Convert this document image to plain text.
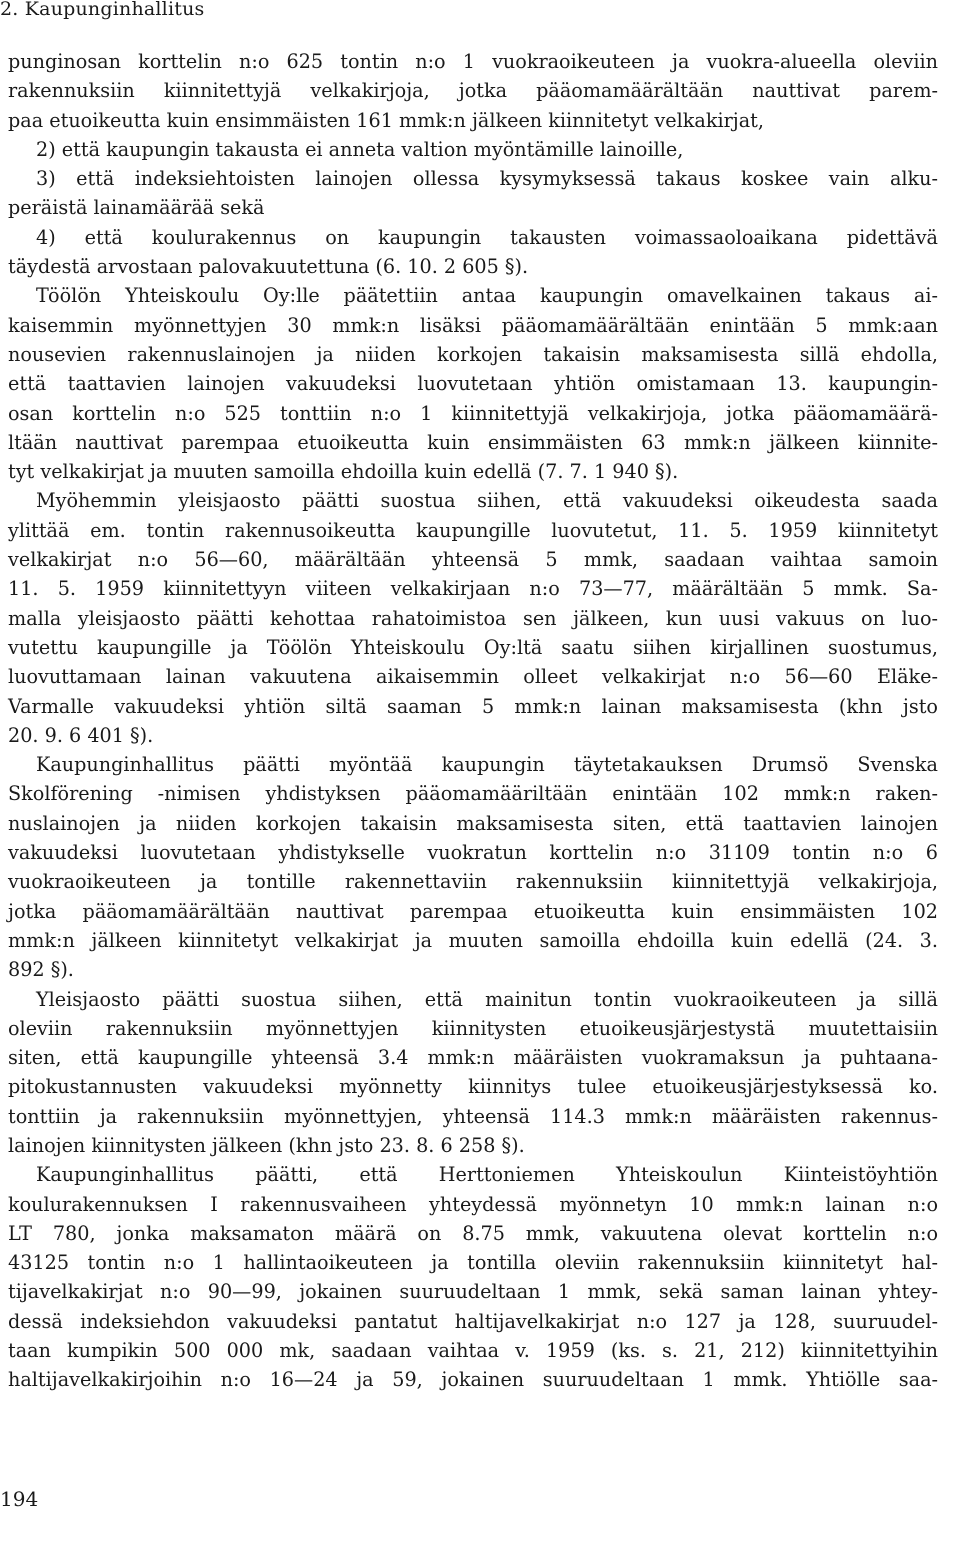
2. Kaupunginhallitus
punginosan korttelin n:o 625 tontin n:o 1 vuokraoikeuteen ja vuokra-alueella oleviin
rakennuksiin kiinnitettyjä velkakirjoja, jotka pääomamäärältään nauttivat parem-
paa etuoikeutta kuin ensimmäisten 161 mmk:n jälkeen kiinnitetyt velkakirjat,
2) että kaupungin takausta ei anneta valtion myöntämille lainoille,
3) että indeksiehtoisten lainojen ollessa kysymyksessä takaus koskee vain alku-
peräistä lainamäärää sekä
4) että koulurakennus on kaupungin takausten voimassaoloaikana pidettävä
täydestä arvostaan palovakuutettuna (6. 10. 2 605 §).
Töölön Yhteiskoulu Oy:lle päätettiin antaa kaupungin omavelkainen takaus ai-
kaisemmin myönnettyjen 30 mmk:n lisäksi pääomamäärältään enintään 5 mmk:aan
nousevien rakennuslainojen ja niiden korkojen takaisin maksamisesta sillä ehdolla,
että taattavien lainojen vakuudeksi luovutetaan yhtiön omistamaan 13. kaupungin-
osan korttelin n:o 525 tonttiin n:o 1 kiinnitettyjä velkakirjoja, jotka pääomamäärä-
ltään nauttivat parempaa etuoikeutta kuin ensimmäisten 63 mmk:n jälkeen kiinnite-
tyt velkakirjat ja muuten samoilla ehdoilla kuin edellä (7. 7. 1 940 §).
Myöhemmin yleisjaosto päätti suostua siihen, että vakuudeksi oikeudesta saada
ylittää em. tontin rakennusoikeutta kaupungille luovutetut, 11. 5. 1959 kiinnitetyt
velkakirjat n:o 56—60, määrältään yhteensä 5 mmk, saadaan vaihtaa samoin
11. 5. 1959 kiinnitettyyn viiteen velkakirjaan n:o 73—77, määrältään 5 mmk. Sa-
malla yleisjaosto päätti kehottaa rahatoimistoa sen jälkeen, kun uusi vakuus on luo-
vutettu kaupungille ja Töölön Yhteiskoulu Oy:ltä saatu siihen kirjallinen suostumus,
luovuttamaan lainan vakuutena aikaisemmin olleet velkakirjat n:o 56—60 Eläke-
Varmalle vakuudeksi yhtiön siltä saaman 5 mmk:n lainan maksamisesta (khn jsto
20. 9. 6 401 §).
Kaupunginhallitus päätti myöntää kaupungin täytetakauksen Drumsö Svenska
Skolförening -nimisen yhdistyksen pääomamääriltään enintään 102 mmk:n raken-
nuslainojen ja niiden korkojen takaisin maksamisesta siten, että taattavien lainojen
vakuudeksi luovutetaan yhdistykselle vuokratun korttelin n:o 31109 tontin n:o 6
vuokraoikeuteen ja tontille rakennettaviin rakennuksiin kiinnitettyjä velkakirjoja,
jotka pääomamäärältään nauttivat parempaa etuoikeutta kuin ensimmäisten 102
mmk:n jälkeen kiinnitetyt velkakirjat ja muuten samoilla ehdoilla kuin edellä (24. 3.
892 §).
Yleisjaosto päätti suostua siihen, että mainitun tontin vuokraoikeuteen ja sillä
oleviin rakennuksiin myönnettyjen kiinnitysten etuoikeusjärjestystä muutettaisiin
siten, että kaupungille yhteensä 3.4 mmk:n määräisten vuokramaksun ja puhtaana-
pitokustannusten vakuudeksi myönnetty kiinnitys tulee etuoikeusjärjestyksessä ko.
tonttiin ja rakennuksiin myönnettyjen, yhteensä 114.3 mmk:n määräisten rakennus-
lainojen kiinnitysten jälkeen (khn jsto 23. 8. 6 258 §).
Kaupunginhallitus päätti, että Herttoniemen Yhteiskoulun Kiinteistöyhtiön
koulurakennuksen I rakennusvaiheen yhteydessä myönnetyn 10 mmk:n lainan n:o
LT 780, jonka maksamaton määrä on 8.75 mmk, vakuutena olevat korttelin n:o
43125 tontin n:o 1 hallintaoikeuteen ja tontilla oleviin rakennuksiin kiinnitetyt hal-
tijavelkakirjat n:o 90—99, jokainen suuruudeltaan 1 mmk, sekä saman lainan yhtey-
dessä indeksiehdon vakuudeksi pantatut haltijavelkakirjat n:o 127 ja 128, suuruudel-
taan kumpikin 500 000 mk, saadaan vaihtaa v. 1959 (ks. s. 21, 212) kiinnitettyihin
haltijavelkakirjoihin n:o 16—24 ja 59, jokainen suuruudeltaan 1 mmk. Yhtiölle saa-
194
